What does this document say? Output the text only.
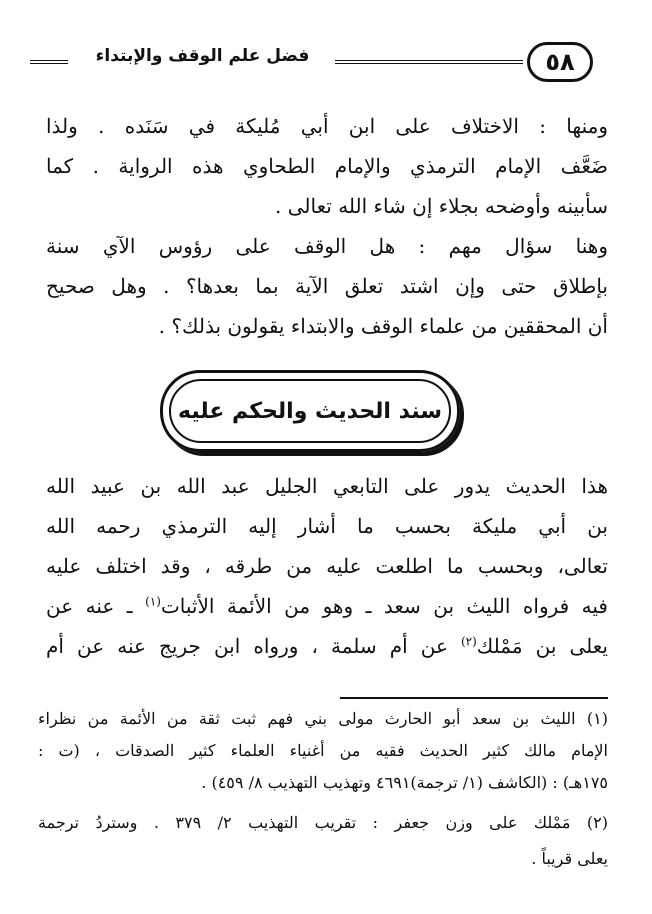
٥٨
فضل علم الوقف والإبتداء
ومنها : الاختلاف على ابن أبي مُليكة في سَنَده . ولذا
ضَعَّف الإمام الترمذي والإمام الطحاوي هذه الرواية . كما
سأبينه وأوضحه بجلاء إن شاء الله تعالى .
وهنا سؤال مهم : هل الوقف على رؤوس الآي سنة
بإطلاق حتى وإن اشتد تعلق الآية بما بعدها؟ . وهل صحيح
أن المحققين من علماء الوقف والابتداء يقولون بذلك؟ .
سند الحديث والحكم عليه
هذا الحديث يدور على التابعي الجليل عبد الله بن عبيد الله
بن أبي مليكة بحسب ما أشار إليه الترمذي رحمه الله
تعالى، وبحسب ما اطلعت عليه من طرقه ، وقد اختلف عليه
فيه فرواه الليث بن سعد ـ وهو من الأئمة الأثبات$^{(١)}$ ـ عنه عن
يعلى بن مَمْلك$^{(٢)}$ عن أم سلمة ، ورواه ابن جريج عنه عن أم
(١) الليث بن سعد أبو الحارث مولى بني فهم ثبت ثقة من الأئمة من نظراء
الإمام مالك كثير الحديث فقيه من أغنياء العلماء كثير الصدقات ، (ت :
١٧٥هـ) : (الكاشف (١/ ترجمة)٤٦٩١ وتهذيب التهذيب ٨/ ٤٥٩) .
(٢) مَمْلك على وزن جعفر : تقريب التهذيب ٢/ ٣٧٩ . وستردُ ترجمة
يعلى قريباً .
